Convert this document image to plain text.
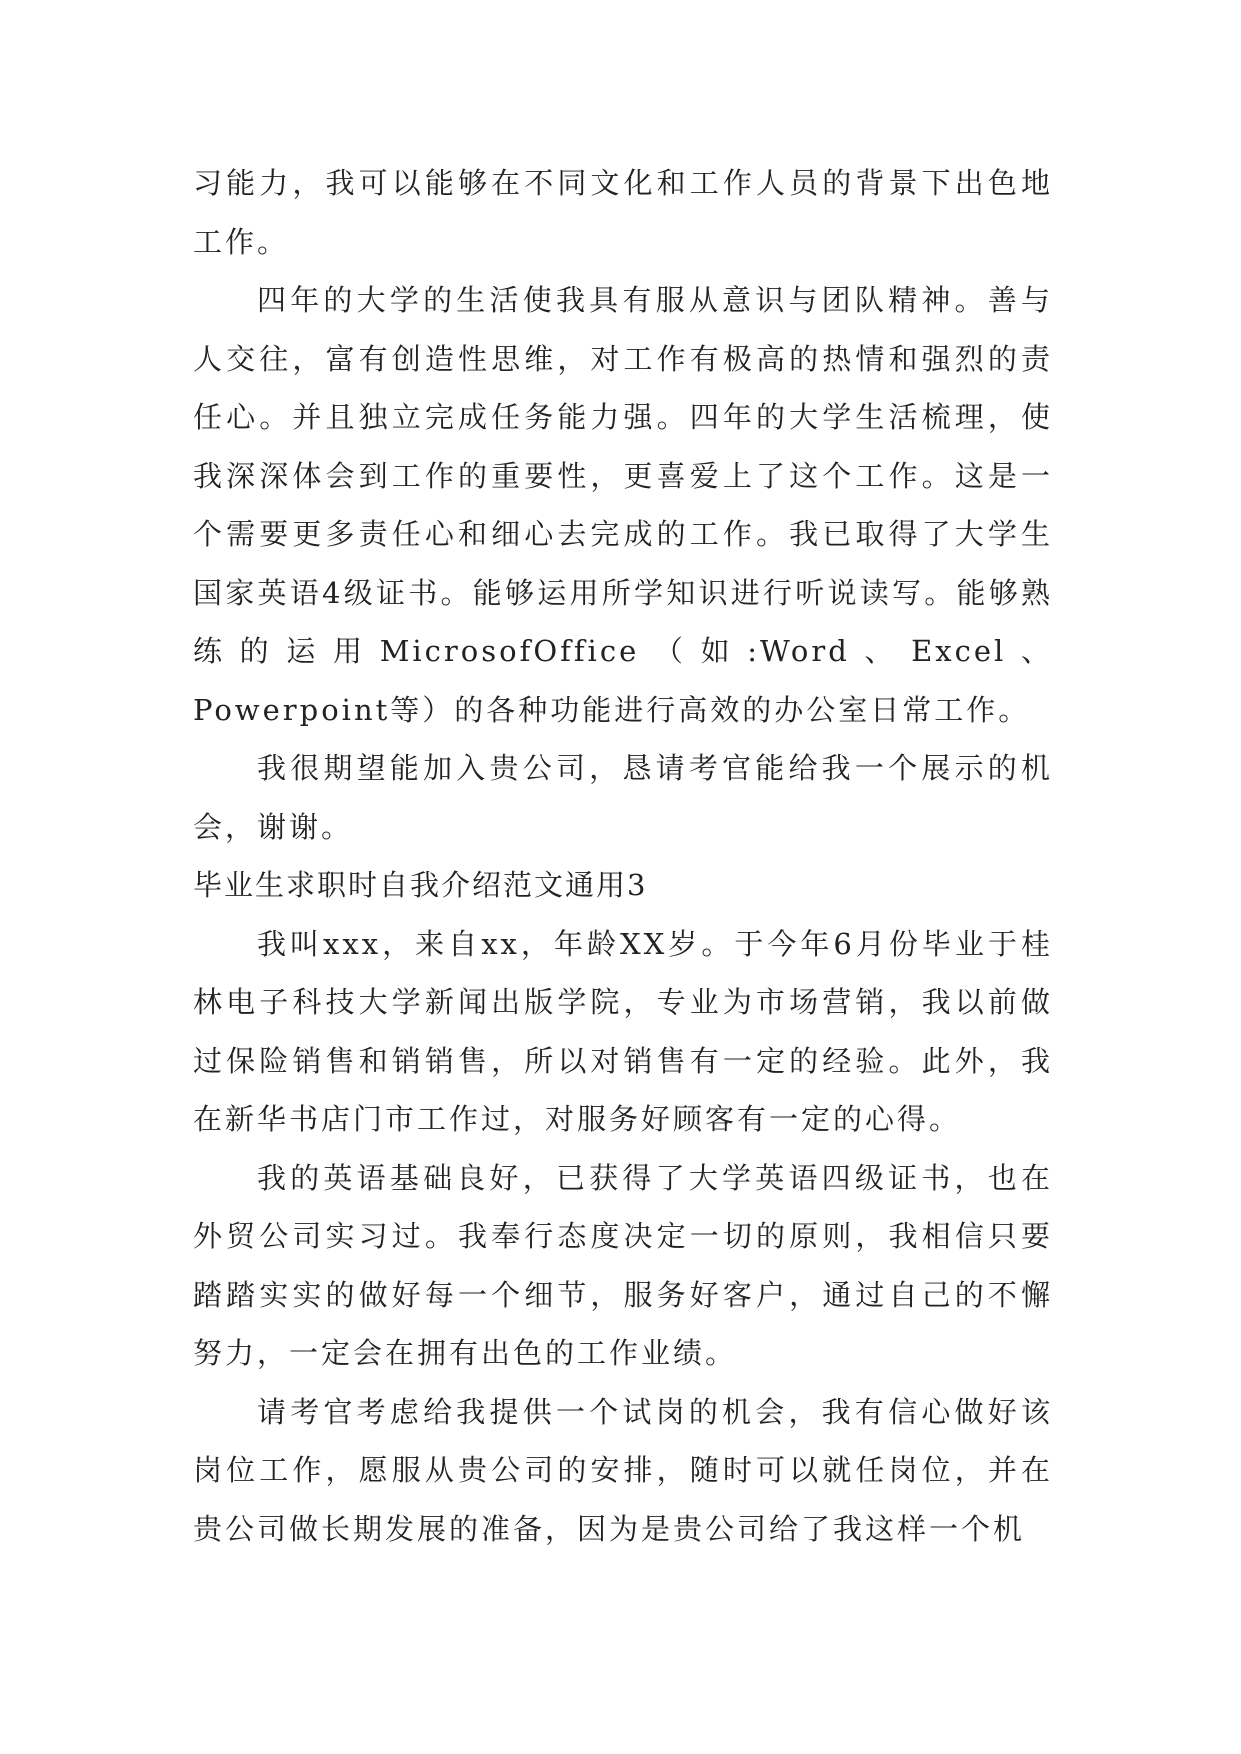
习能力，我可以能够在不同文化和工作人员的背景下出色地工作。

四年的大学的生活使我具有服从意识与团队精神。善与人交往，富有创造性思维，对工作有极高的热情和强烈的责任心。并且独立完成任务能力强。四年的大学生活梳理，使我深深体会到工作的重要性，更喜爱上了这个工作。这是一个需要更多责任心和细心去完成的工作。我已取得了大学生国家英语4级证书。能够运用所学知识进行听说读写。能够熟练的运用MicrosofOffice（如:Word、Excel、Powerpoint等）的各种功能进行高效的办公室日常工作。

我很期望能加入贵公司，恳请考官能给我一个展示的机会，谢谢。

毕业生求职时自我介绍范文通用3

我叫xxx，来自xx，年龄XX岁。于今年6月份毕业于桂林电子科技大学新闻出版学院，专业为市场营销，我以前做过保险销售和销销售，所以对销售有一定的经验。此外，我在新华书店门市工作过，对服务好顾客有一定的心得。

我的英语基础良好，已获得了大学英语四级证书，也在外贸公司实习过。我奉行态度决定一切的原则，我相信只要踏踏实实的做好每一个细节，服务好客户，通过自己的不懈努力，一定会在拥有出色的工作业绩。

请考官考虑给我提供一个试岗的机会，我有信心做好该岗位工作，愿服从贵公司的安排，随时可以就任岗位，并在贵公司做长期发展的准备，因为是贵公司给了我这样一个机
